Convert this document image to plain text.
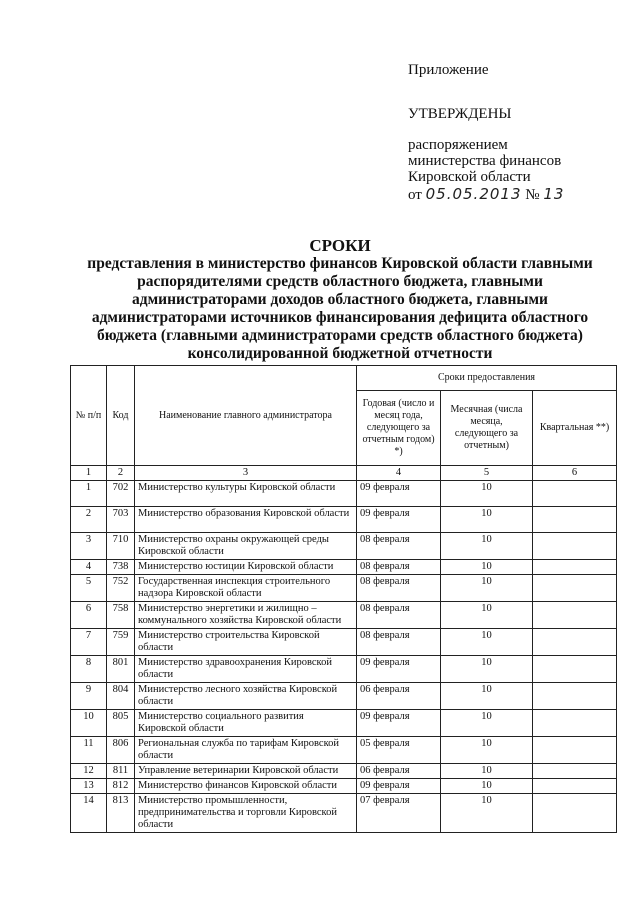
Приложение
УТВЕРЖДЕНЫ
распоряжением
министерства финансов
Кировской области
от 05.05.2013 № 13
СРОКИ
представления в министерство финансов Кировской области главными
распорядителями средств областного бюджета, главными
администраторами доходов областного бюджета, главными
администраторами источников финансирования дефицита областного
бюджета (главными администраторами средств областного бюджета)
консолидированной бюджетной отчетности
№ п/п	Код	Наименование главного администратора	Сроки предоставления		
			Годовая (число и месяц года, следующего за отчетным годом) *)	Месячная (числа месяца, следующего за отчетным)	Квартальная **)
1	2	3	4	5	6
1	702	Министерство культуры Кировской области	09 февраля	10	
2	703	Министерство образования Кировской области	09 февраля	10	
3	710	Министерство охраны окружающей среды Кировской области	08 февраля	10	
4	738	Министерство юстиции Кировской области	08 февраля	10	
5	752	Государственная инспекция строительного надзора Кировской области	08 февраля	10	
6	758	Министерство энергетики и жилищно – коммунального хозяйства Кировской области	08 февраля	10	
7	759	Министерство строительства Кировской области	08 февраля	10	
8	801	Министерство здравоохранения Кировской области	09 февраля	10	
9	804	Министерство лесного хозяйства Кировской области	06 февраля	10	
10	805	Министерство социального развития Кировской области	09 февраля	10	
11	806	Региональная служба по тарифам Кировской области	05 февраля	10	
12	811	Управление ветеринарии Кировской области	06 февраля	10	
13	812	Министерство финансов Кировской области	09 февраля	10	
14	813	Министерство промышленности, предпринимательства и торговли Кировской области	07 февраля	10	
